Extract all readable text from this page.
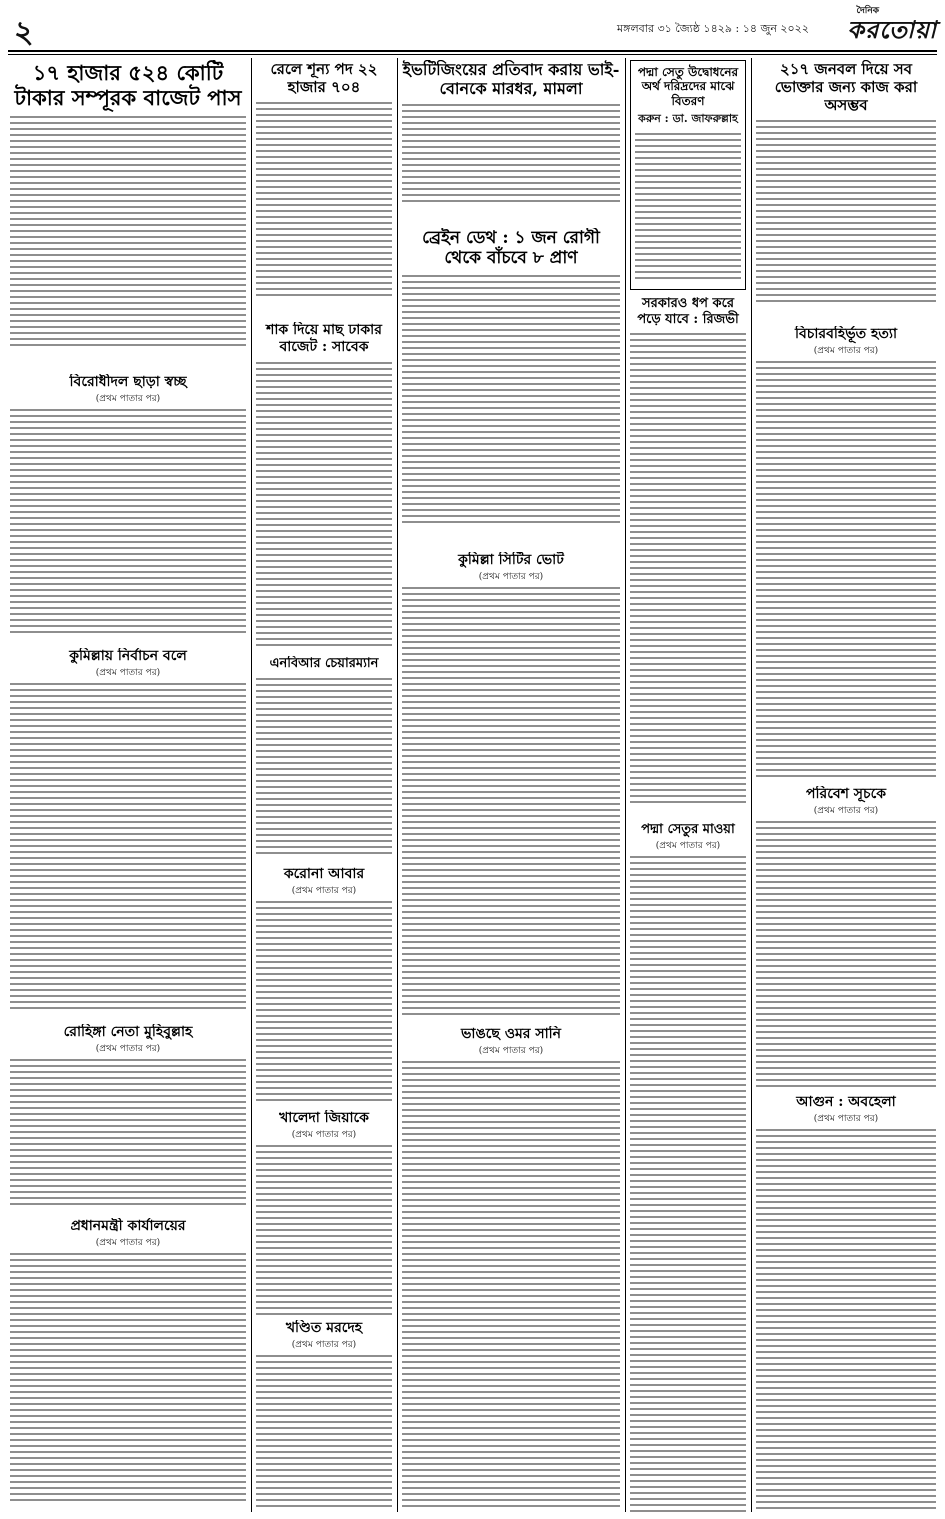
২	মঙ্গলবার ৩১ জ্যৈষ্ঠ ১৪২৯ : ১৪ জুন ২০২২
দৈনিক
করতোয়া
১৭ হাজার ৫২৪ কোটি টাকার সম্পূরক বাজেট পাস
বিরোধীদল ছাড়া স্বচ্ছ
(প্রথম পাতার পর)
কুমিল্লায় নির্বাচন বলে
(প্রথম পাতার পর)
রোহিঙ্গা নেতা মুহিবুল্লাহ
(প্রথম পাতার পর)
প্রধানমন্ত্রী কার্যালয়ের
(প্রথম পাতার পর)
রেলে শূন্য পদ ২২ হাজার ৭০৪
শাক দিয়ে মাছ ঢাকার বাজেট : সাবেক
এনবিআর চেয়ারম্যান
করোনা আবার
(প্রথম পাতার পর)
খালেদা জিয়াকে
(প্রথম পাতার পর)
খণ্ডিত মরদেহ
(প্রথম পাতার পর)
ইভটিজিংয়ের প্রতিবাদ করায় ভাই-বোনকে মারধর, মামলা
ব্রেইন ডেথ : ১ জন রোগী থেকে বাঁচবে ৮ প্রাণ
কুমিল্লা সিটির ভোট
(প্রথম পাতার পর)
ভাঙছে ওমর সানি
(প্রথম পাতার পর)
পদ্মা সেতু উদ্বোধনের অর্থ দরিদ্রদের মাঝে বিতরণ
করুন : ডা. জাফরুল্লাহ
সরকারও ধপ করে পড়ে যাবে : রিজভী
পদ্মা সেতুর মাওয়া
(প্রথম পাতার পর)
২১৭ জনবল দিয়ে সব ভোক্তার জন্য কাজ করা অসম্ভব
বিচারবহির্ভূত হত্যা
(প্রথম পাতার পর)
পরিবেশ সূচকে
(প্রথম পাতার পর)
আগুন : অবহেলা
(প্রথম পাতার পর)
